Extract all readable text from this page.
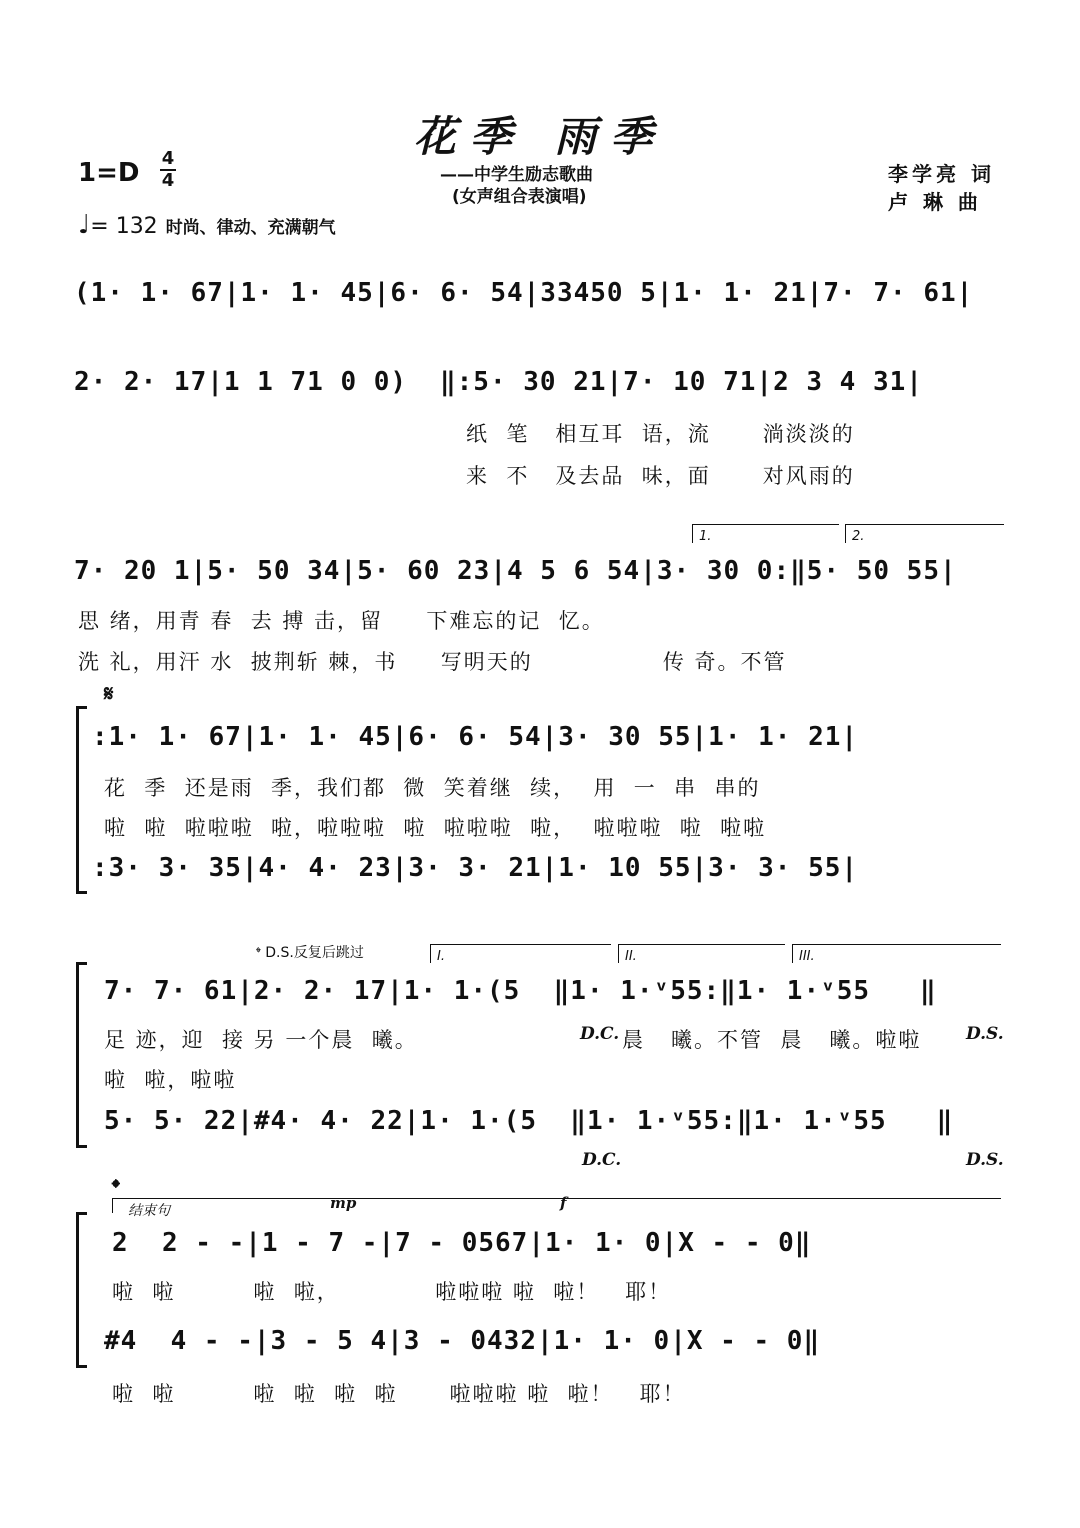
花季 雨季
1=D 4
4	——中学生励志歌曲
(女声组合表演唱)
李学亮 词
卢 琳 曲
♩= 132 时尚、律动、充满朝气
(1· 1· 67|1· 1· 45|6· 6· 54|33450 5|1· 1· 21|7· 7· 61|
2· 2· 17|1 1 71 0 0) ‖:5· 30 21|7· 10 71|2 3 4 31|
纸  笔   相互耳  语，流      淌淡淡的
来  不   及去品  味，面      对风雨的
1.	2.
7· 20 1|5· 50 34|5· 60 23|4 5 6 54|3· 30 0:‖5· 50 55|
思 绪，用青 春  去 搏 击，留     下难忘的记  忆。
洗 礼，用汗 水  披荆斩 棘，书     写明天的               传 奇。不管
𝄋
:1· 1· 67|1· 1· 45|6· 6· 54|3· 30 55|1· 1· 21|
花  季  还是雨  季，我们都  微  笑着继  续，  用  一  串  串的
啦  啦  啦啦啦  啦，啦啦啦  啦  啦啦啦  啦，  啦啦啦  啦  啦啦
:3· 3· 35|4· 4· 23|3· 3· 21|1· 10 55|3· 3· 55|
𝄌 D.S.反复后跳过	I.	II.	III.
7· 7· 61|2· 2· 17|1· 1·(5  ‖1· 1·ᵛ55:‖1· 1·ᵛ55   ‖
足 迹，迎  接 另 一个晨  曦。	D.C. 晨   曦。不管  晨   曦。啦啦	D.S.
啦  啦，啦啦
5· 5· 22|#4· 4· 22|1· 1·(5  ‖1· 1·ᵛ55:‖1· 1·ᵛ55   ‖
D.C.	D.S.
𝄌
结束句	mp	f
2  2 - -|1 - 7 -|7 - 0567|1· 1· 0|X - - 0‖
啦  啦         啦  啦，           啦啦啦 啦  啦！   耶！
#4  4 - -|3 - 5 4|3 - 0432|1· 1· 0|X - - 0‖
啦  啦         啦  啦  啦  啦      啦啦啦 啦  啦！   耶！
